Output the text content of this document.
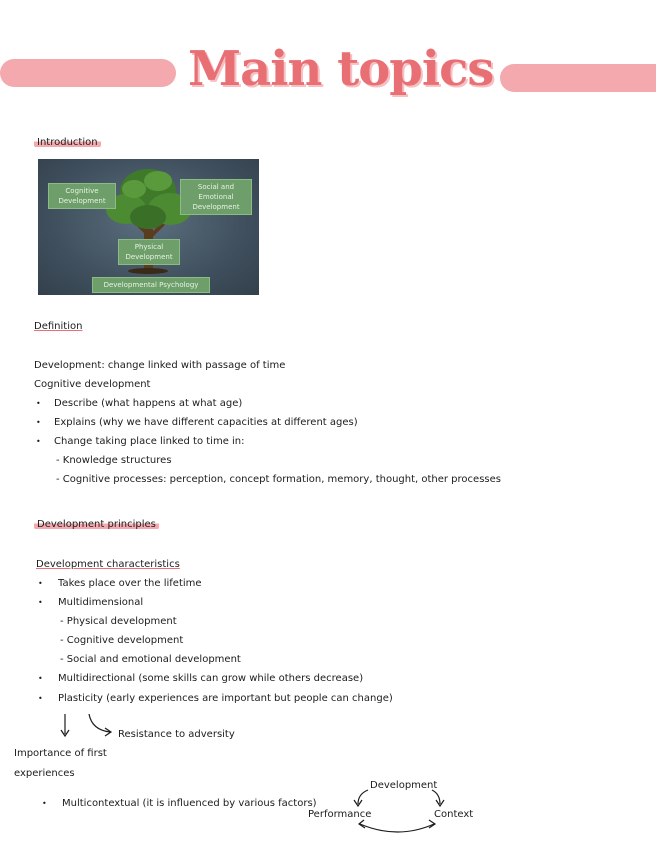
Main topics
Introduction
Cognitive Development
Social and Emotional Development
Physical Development
Developmental Psychology
Definition
Development: change linked with passage of time
Cognitive development
• Describe (what happens at what age)
• Explains (why we have different capacities at different ages)
• Change taking place linked to time in:
- Knowledge structures
- Cognitive processes: perception, concept formation, memory, thought, other processes
Development principles
Development characteristics
• Takes place over the lifetime
• Multidimensional
- Physical development
- Cognitive development
- Social and emotional development
• Multidirectional (some skills can grow while others decrease)
• Plasticity (early experiences are important but people can change)
Resistance to adversity
Importance of first
experiences
• Multicontextual (it is influenced by various factors)
Development
Performance	Context
